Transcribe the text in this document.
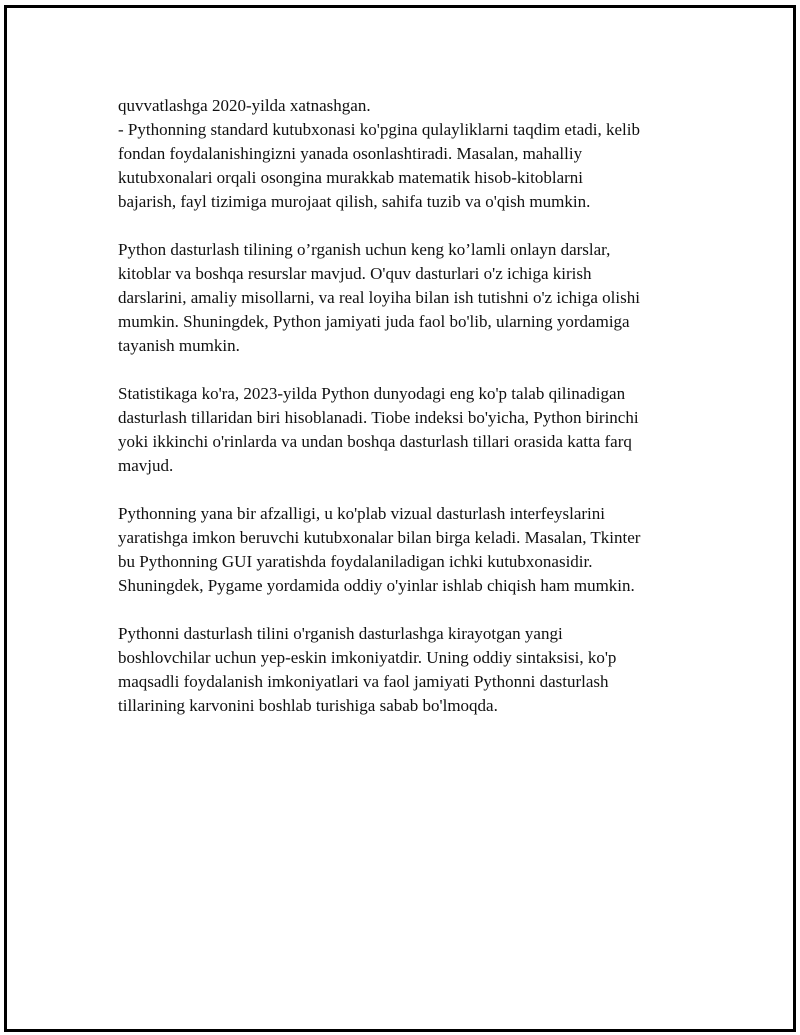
quvvatlashga 2020-yilda xatnashgan.
- Pythonning standard kutubxonasi ko'pgina qulayliklarni taqdim etadi, kelib
fondan foydalanishingizni yanada osonlashtiradi. Masalan, mahalliy
kutubxonalari orqali osongina murakkab matematik hisob-kitoblarni
bajarish, fayl tizimiga murojaat qilish, sahifa tuzib va o'qish mumkin.

Python dasturlash tilining o’rganish uchun keng ko’lamli onlayn darslar,
kitoblar va boshqa resurslar mavjud. O'quv dasturlari o'z ichiga kirish
darslarini, amaliy misollarni, va real loyiha bilan ish tutishni o'z ichiga olishi
mumkin. Shuningdek, Python jamiyati juda faol bo'lib, ularning yordamiga
tayanish mumkin.

Statistikaga ko'ra, 2023-yilda Python dunyodagi eng ko'p talab qilinadigan
dasturlash tillaridan biri hisoblanadi. Tiobe indeksi bo'yicha, Python birinchi
yoki ikkinchi o'rinlarda va undan boshqa dasturlash tillari orasida katta farq
mavjud.

Pythonning yana bir afzalligi, u ko'plab vizual dasturlash interfeyslarini
yaratishga imkon beruvchi kutubxonalar bilan birga keladi. Masalan, Tkinter
bu Pythonning GUI yaratishda foydalaniladigan ichki kutubxonasidir.
Shuningdek, Pygame yordamida oddiy o'yinlar ishlab chiqish ham mumkin.

Pythonni dasturlash tilini o'rganish dasturlashga kirayotgan yangi
boshlovchilar uchun yep-eskin imkoniyatdir. Uning oddiy sintaksisi, ko'p
maqsadli foydalanish imkoniyatlari va faol jamiyati Pythonni dasturlash
tillarining karvonini boshlab turishiga sabab bo'lmoqda.
